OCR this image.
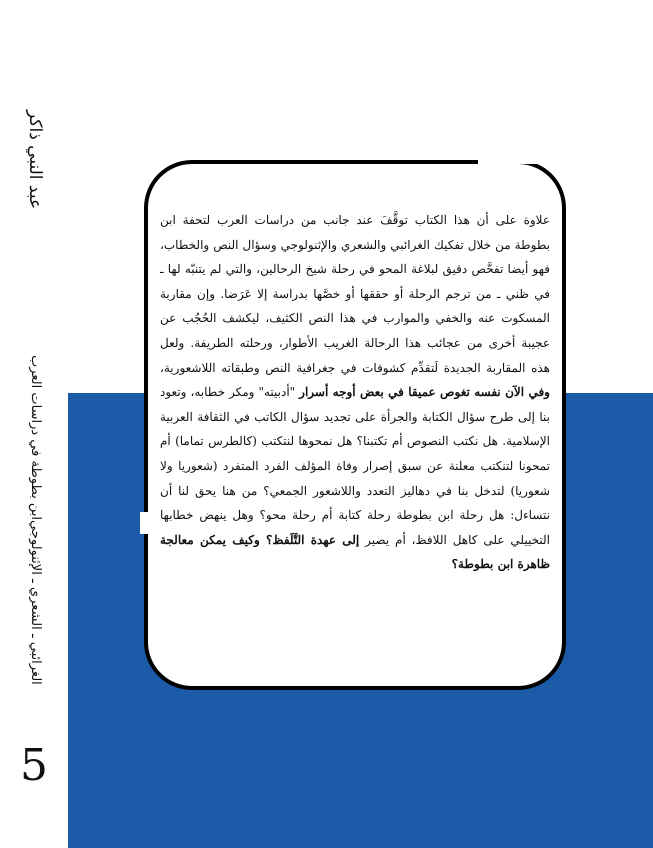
عبد النبي ذاكر
ابن بطوطة في دراسات العرب
الغرائبي ـ الشعري ـ الإثنولوجي
5
علاوة على أن هذا الكتاب توقَّفَ عند جانب من دراسات العرب لتحفة ابن بطوطة من خلال تفكيك الغرائبي والشعري والإثنولوجي وسؤال النص والخطاب، فهو أيضا تفحَّص دقيق لبلاغة المحو في رحلة شيخ الرحالين، والتي لم يتنبّه لها ـ في ظني ـ من ترجم الرحلة أو حققها أو خصَّها بدراسة إلا عَرَضا. وإن مقاربة المسكوت عنه والخفي والموارب في هذا النص الكثيف، ليكشف الحُجُب عن عجيبة أخرى من عجائب هذا الرحالة الغريب الأطوار، ورحلته الطريفة. ولعل هذه المقاربة الجديدة لَتقدِّم كشوفات في جغرافية النص وطبقاته اللاشعورية، وفي الآن نفسه تغوص عميقا في بعض أوجه أسرار "أدبيته" ومكر خطابه، وتعود بنا إلى طرح سؤال الكتابة والجرأة على تجديد سؤال الكاتب في الثقافة العربية الإسلامية. هل نكتب النصوص أم تكتبنا؟ هل نمحوها لنتكتب (كالطرس تماما) أم تمحونا لتنكتب معلنة عن سبق إصرار وفاة المؤلف الفرد المتفرد (شعوريا ولا شعوريا) لتدخل بنا في دهاليز التعدد واللاشعور الجمعي؟ من هنا يحق لنا أن نتساءل: هل رحلة ابن بطوطة رحلة كتابة أم رحلة محو؟ وهل ينهض خطابها التخييلي على كاهل اللافظ، أم يصير إلى عهدة التَّلَفظ؟ وكيف يمكن معالجة ظاهرة ابن بطوطة؟
